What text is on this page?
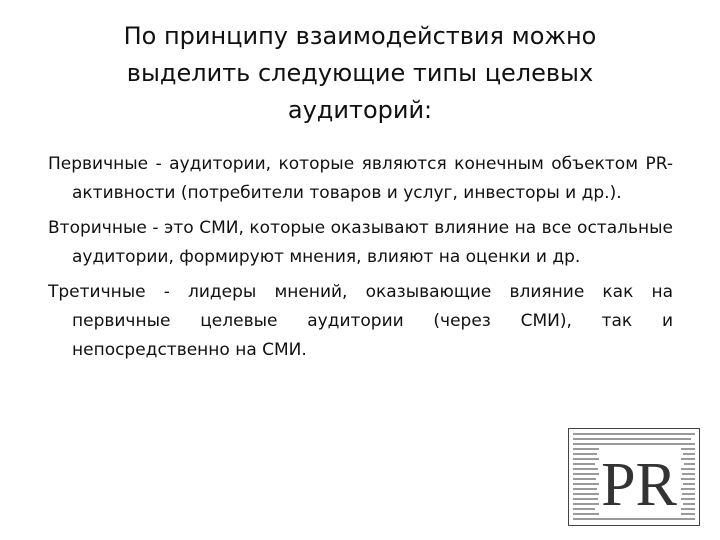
По принципу взаимодействия можно
выделить следующие типы целевых
аудиторий:

Первичные - аудитории, которые являются конечным объектом PR-активности (потребители товаров и услуг, инвесторы и др.).

Вторичные - это СМИ, которые оказывают влияние на все остальные аудитории, формируют мнения, влияют на оценки и др.

Третичные - лидеры мнений, оказывающие влияние как на первичные целевые аудитории (через СМИ), так и непосредственно на СМИ.

PR
